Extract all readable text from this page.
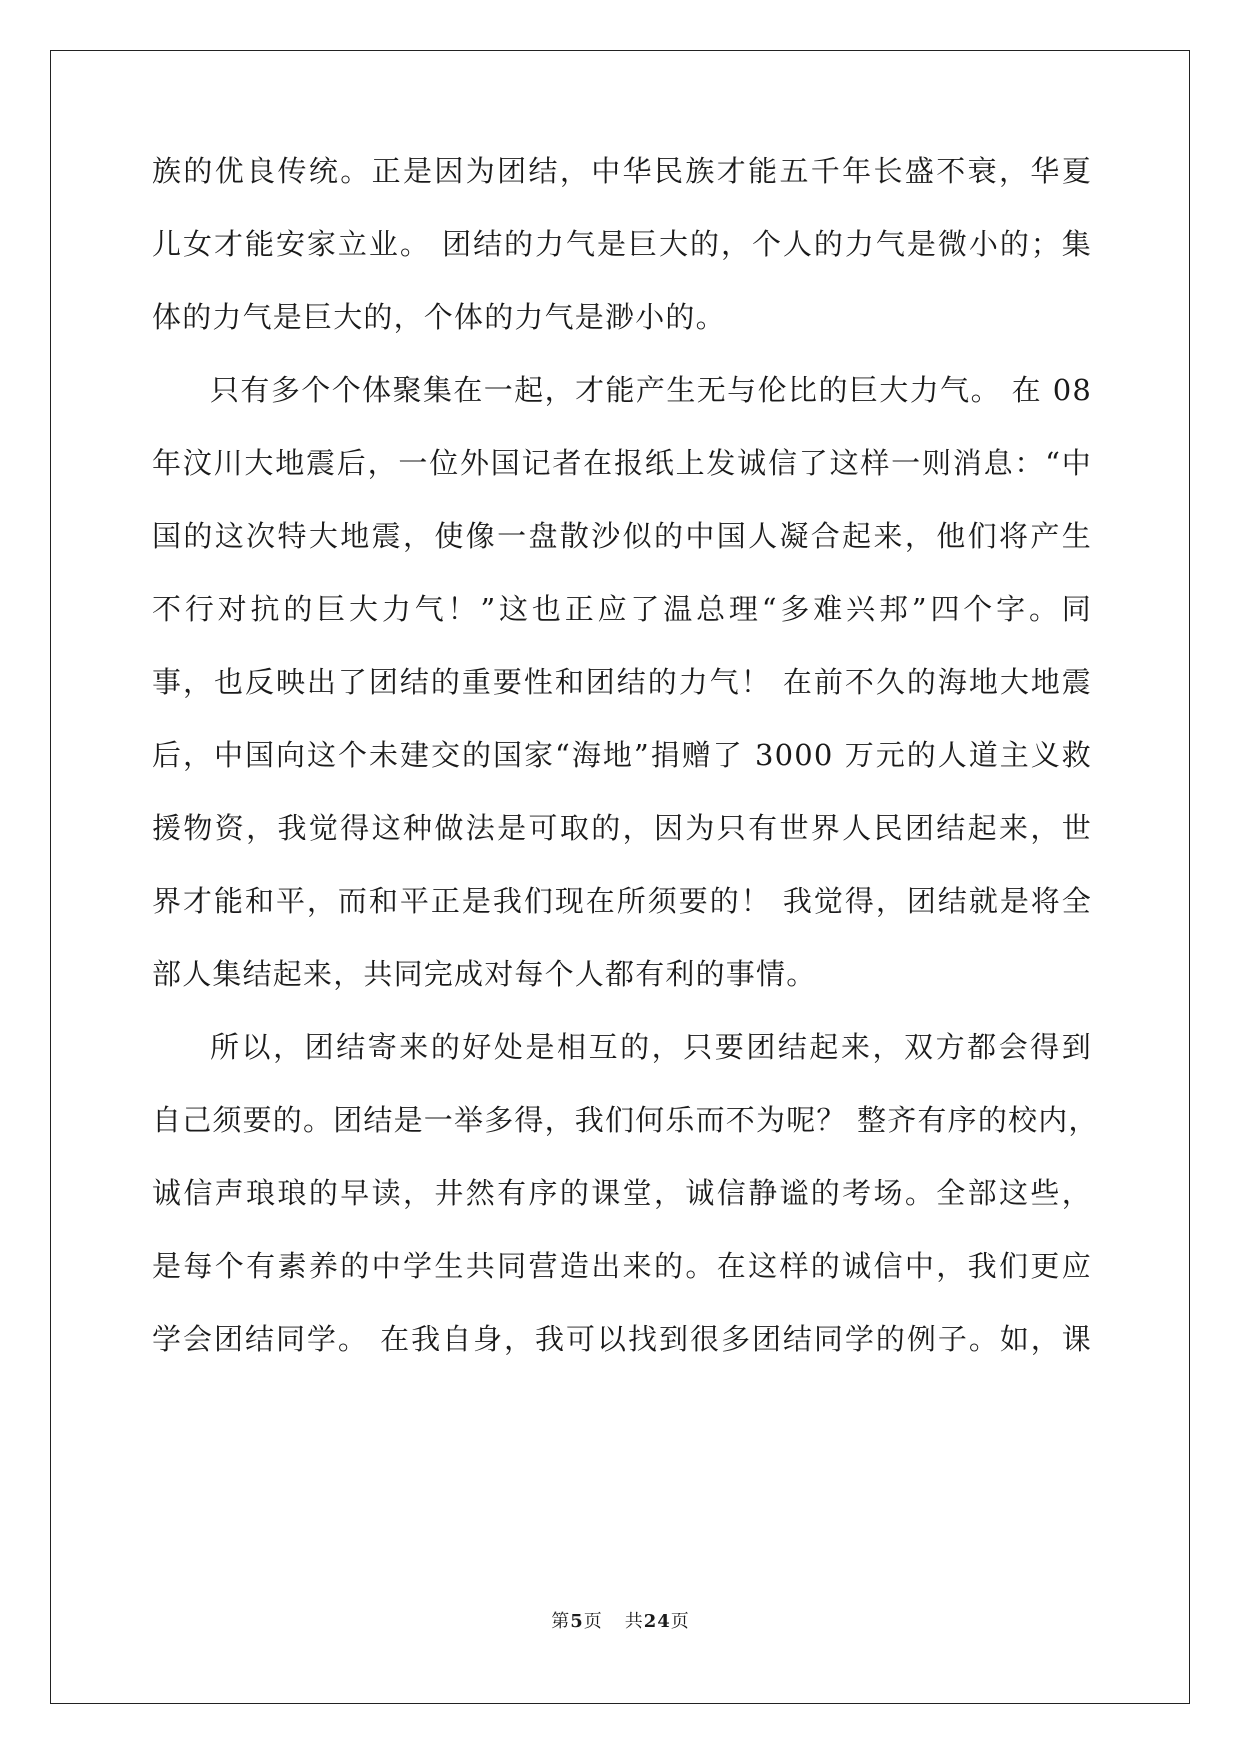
族的优良传统。正是因为团结，中华民族才能五千年长盛不衰，华夏
儿女才能安家立业。 团结的力气是巨大的，个人的力气是微小的；集
体的力气是巨大的，个体的力气是渺小的。
只有多个个体聚集在一起，才能产生无与伦比的巨大力气。 在 08
年汶川大地震后，一位外国记者在报纸上发诚信了这样一则消息：“中
国的这次特大地震，使像一盘散沙似的中国人凝合起来，他们将产生
不行对抗的巨大力气！”这也正应了温总理“多难兴邦”四个字。同
事，也反映出了团结的重要性和团结的力气！ 在前不久的海地大地震
后，中国向这个未建交的国家“海地”捐赠了 3000 万元的人道主义救
援物资，我觉得这种做法是可取的，因为只有世界人民团结起来，世
界才能和平，而和平正是我们现在所须要的！ 我觉得，团结就是将全
部人集结起来，共同完成对每个人都有利的事情。
所以，团结寄来的好处是相互的，只要团结起来，双方都会得到
自己须要的。团结是一举多得，我们何乐而不为呢？ 整齐有序的校内，
诚信声琅琅的早读，井然有序的课堂，诚信静谧的考场。全部这些，
是每个有素养的中学生共同营造出来的。在这样的诚信中，我们更应
学会团结同学。 在我自身，我可以找到很多团结同学的例子。如，课
第5页 共24页
